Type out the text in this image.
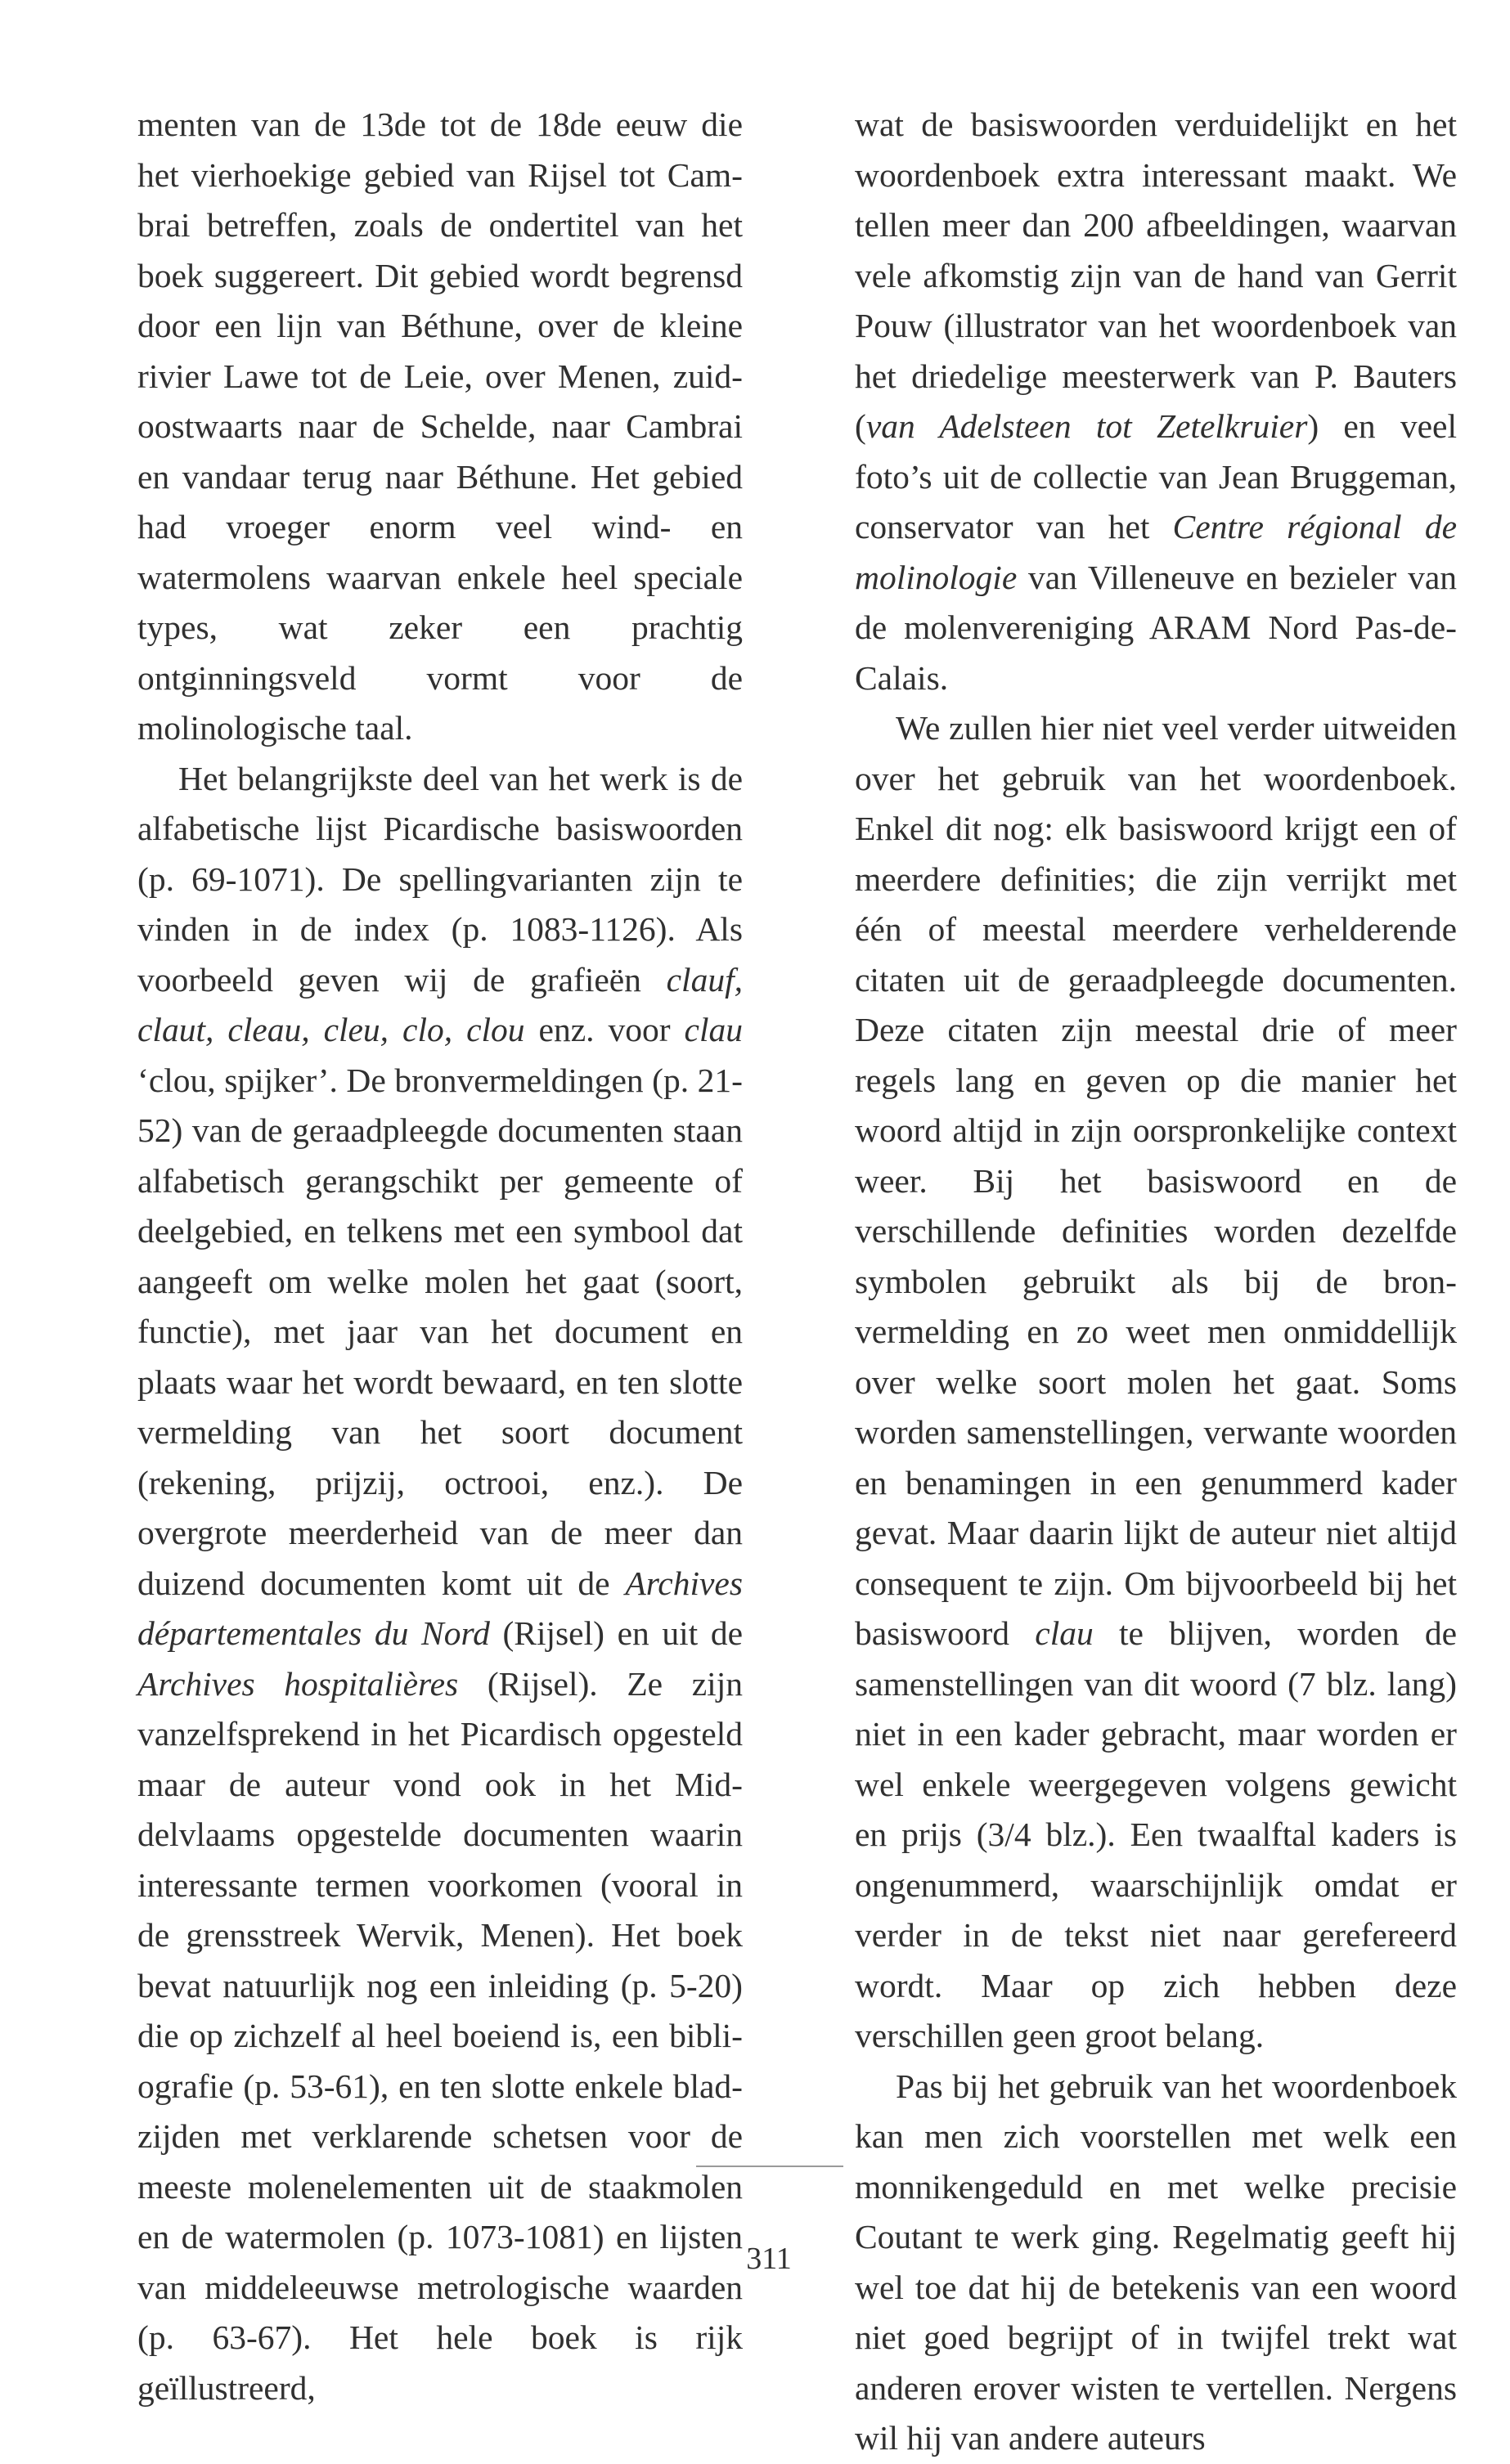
menten van de 13de tot de 18de eeuw die het vierhoekige gebied van Rijsel tot Cambrai betreffen, zoals de ondertitel van het boek suggereert. Dit gebied wordt begrensd door een lijn van Béthune, over de kleine rivier Lawe tot de Leie, over Menen, zuidoostwaarts naar de Schelde, naar Cambrai en vandaar terug naar Béthune. Het gebied had vroeger enorm veel wind- en watermolens waarvan enkele heel speciale types, wat zeker een prachtig ontginningsveld vormt voor de molinologische taal.

Het belangrijkste deel van het werk is de alfabetische lijst Picardische basiswoorden (p. 69-1071). De spellingvarianten zijn te vinden in de index (p. 1083-1126). Als voorbeeld geven wij de grafieën clauf, claut, cleau, cleu, clo, clou enz. voor clau ‘clou, spijker’. De bronvermeldingen (p. 21-52) van de geraadpleegde documenten staan alfabetisch gerangschikt per gemeente of deelgebied, en telkens met een symbool dat aangeeft om welke molen het gaat (soort, functie), met jaar van het document en plaats waar het wordt bewaard, en ten slotte vermelding van het soort document (rekening, prijzij, octrooi, enz.). De overgrote meerderheid van de meer dan duizend documenten komt uit de Archives départementales du Nord (Rijsel) en uit de Archives hospitalières (Rijsel). Ze zijn vanzelfsprekend in het Picardisch opgesteld maar de auteur vond ook in het Middelvlaams opgestelde documenten waarin interessante termen voorkomen (vooral in de grensstreek Wervik, Menen). Het boek bevat natuurlijk nog een inleiding (p. 5-20) die op zichzelf al heel boeiend is, een bibliografie (p. 53-61), en ten slotte enkele bladzijden met verklarende schetsen voor de meeste molenelementen uit de staakmolen en de watermolen (p. 1073-1081) en lijsten van middeleeuwse metrologische waarden (p. 63-67). Het hele boek is rijk geïllustreerd,

wat de basiswoorden verduidelijkt en het woordenboek extra interessant maakt. We tellen meer dan 200 afbeeldingen, waarvan vele afkomstig zijn van de hand van Gerrit Pouw (illustrator van het woordenboek van het driedelige meesterwerk van P. Bauters (van Adelsteen tot Zetelkruier) en veel foto’s uit de collectie van Jean Bruggeman, conservator van het Centre régional de molinologie van Villeneuve en bezieler van de molenvereniging ARAM Nord Pas-de-Calais.

We zullen hier niet veel verder uitweiden over het gebruik van het woordenboek. Enkel dit nog: elk basiswoord krijgt een of meerdere definities; die zijn verrijkt met één of meestal meerdere verhelderende citaten uit de geraadpleegde documenten. Deze citaten zijn meestal drie of meer regels lang en geven op die manier het woord altijd in zijn oorspronkelijke context weer. Bij het basiswoord en de verschillende definities worden dezelfde symbolen gebruikt als bij de bronvermelding en zo weet men onmiddellijk over welke soort molen het gaat. Soms worden samenstellingen, verwante woorden en benamingen in een genummerd kader gevat. Maar daarin lijkt de auteur niet altijd consequent te zijn. Om bijvoorbeeld bij het basiswoord clau te blijven, worden de samenstellingen van dit woord (7 blz. lang) niet in een kader gebracht, maar worden er wel enkele weergegeven volgens gewicht en prijs (3/4 blz.). Een twaalftal kaders is ongenummerd, waarschijnlijk omdat er verder in de tekst niet naar gerefereerd wordt. Maar op zich hebben deze verschillen geen groot belang.

Pas bij het gebruik van het woordenboek kan men zich voorstellen met welk een monnikengeduld en met welke precisie Coutant te werk ging. Regelmatig geeft hij wel toe dat hij de betekenis van een woord niet goed begrijpt of in twijfel trekt wat anderen erover wisten te vertellen. Nergens wil hij van andere auteurs

311
